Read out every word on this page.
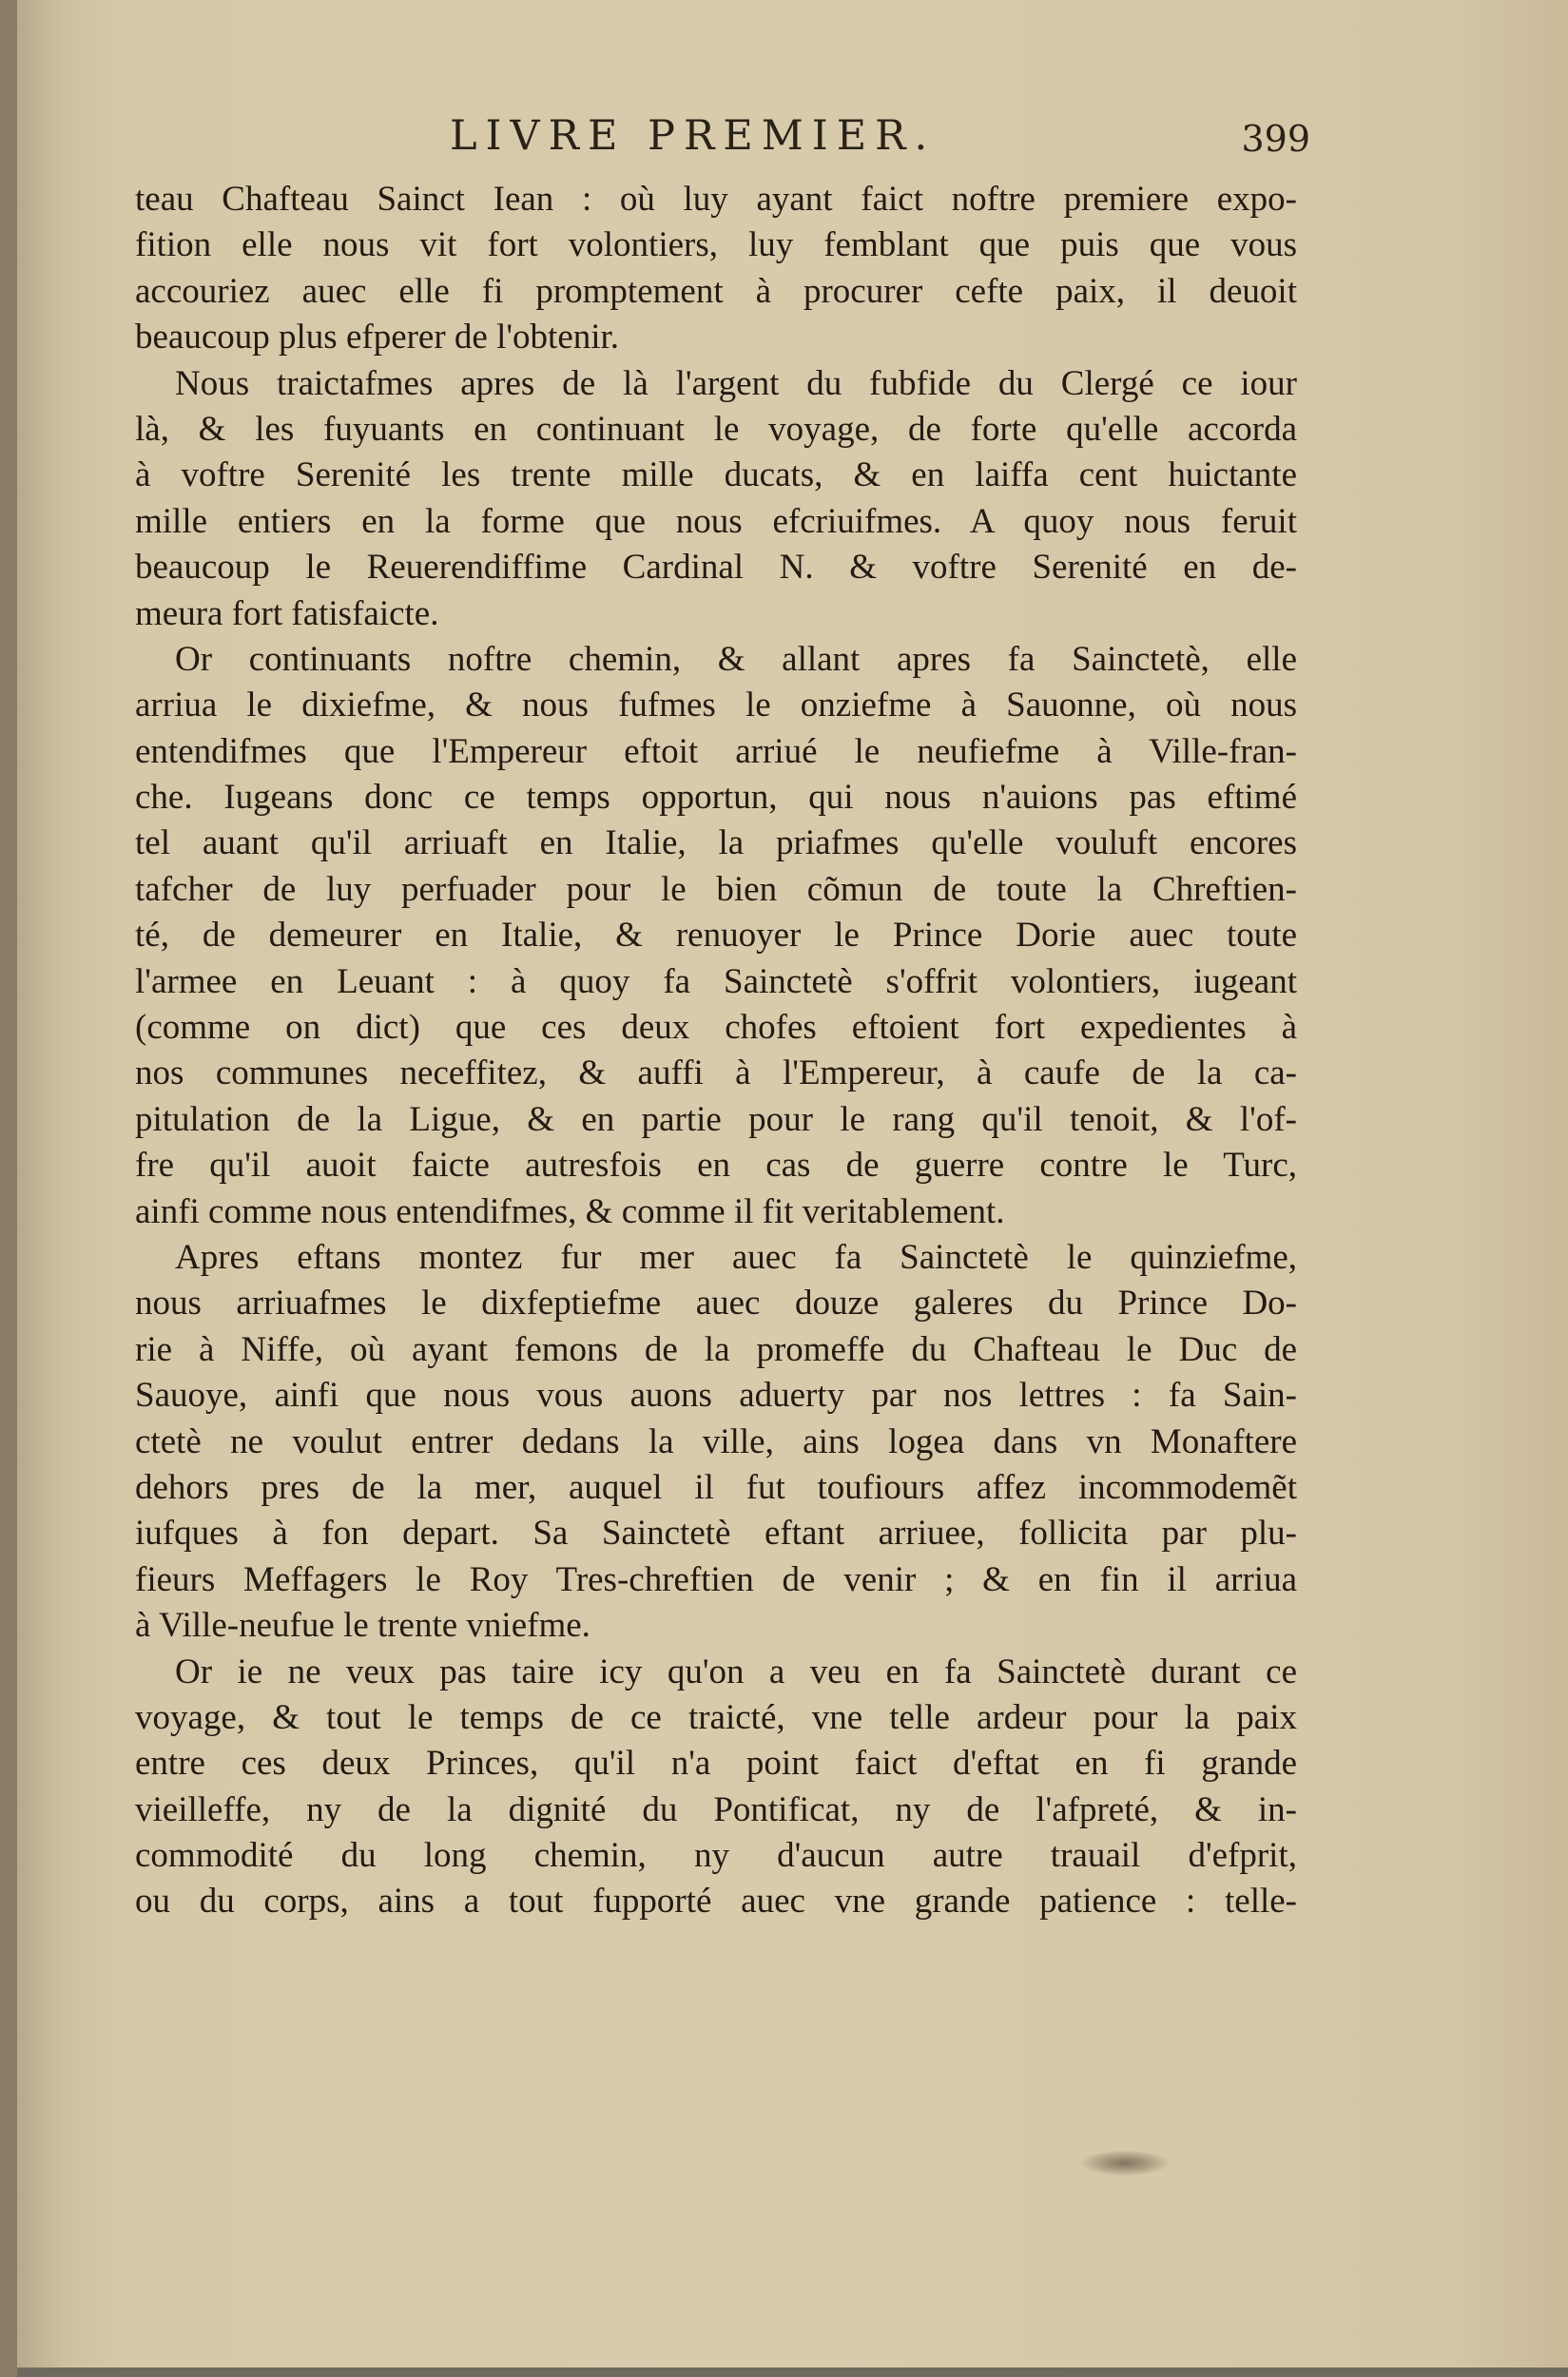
LIVRE PREMIER.	399
teau Chafteau Sainct Iean : où luy ayant faict noftre premiere expo-
fition elle nous vit fort volontiers, luy femblant que puis que vous
accouriez auec elle fi promptement à procurer cefte paix, il deuoit
beaucoup plus efperer de l'obtenir.
Nous traictafmes apres de là l'argent du fubfide du Clergé ce iour
là, & les fuyuants en continuant le voyage, de forte qu'elle accorda
à voftre Serenité les trente mille ducats, & en laiffa cent huictante
mille entiers en la forme que nous efcriuifmes. A quoy nous feruit
beaucoup le Reuerendiffime Cardinal N. & voftre Serenité en de-
meura fort fatisfaicte.
Or continuants noftre chemin, & allant apres fa Sainctetè, elle
arriua le dixiefme, & nous fufmes le onziefme à Sauonne, où nous
entendifmes que l'Empereur eftoit arriué le neufiefme à Ville-fran-
che. Iugeans donc ce temps opportun, qui nous n'auions pas eftimé
tel auant qu'il arriuaft en Italie, la priafmes qu'elle vouluft encores
tafcher de luy perfuader pour le bien cõmun de toute la Chreftien-
té, de demeurer en Italie, & renuoyer le Prince Dorie auec toute
l'armee en Leuant : à quoy fa Sainctetè s'offrit volontiers, iugeant
(comme on dict) que ces deux chofes eftoient fort expedientes à
nos communes neceffitez, & auffi à l'Empereur, à caufe de la ca-
pitulation de la Ligue, & en partie pour le rang qu'il tenoit, & l'of-
fre qu'il auoit faicte autresfois en cas de guerre contre le Turc,
ainfi comme nous entendifmes, & comme il fit veritablement.
Apres eftans montez fur mer auec fa Sainctetè le quinziefme,
nous arriuafmes le dixfeptiefme auec douze galeres du Prince Do-
rie à Niffe, où ayant femons de la promeffe du Chafteau le Duc de
Sauoye, ainfi que nous vous auons aduerty par nos lettres : fa Sain-
ctetè ne voulut entrer dedans la ville, ains logea dans vn Monaftere
dehors pres de la mer, auquel il fut toufiours affez incommodemẽt
iufques à fon depart. Sa Sainctetè eftant arriuee, follicita par plu-
fieurs Meffagers le Roy Tres-chreftien de venir ; & en fin il arriua
à Ville-neufue le trente vniefme.
Or ie ne veux pas taire icy qu'on a veu en fa Sainctetè durant ce
voyage, & tout le temps de ce traicté, vne telle ardeur pour la paix
entre ces deux Princes, qu'il n'a point faict d'eftat en fi grande
vieilleffe, ny de la dignité du Pontificat, ny de l'afpreté, & in-
commodité du long chemin, ny d'aucun autre trauail d'efprit,
ou du corps, ains a tout fupporté auec vne grande patience : telle-
